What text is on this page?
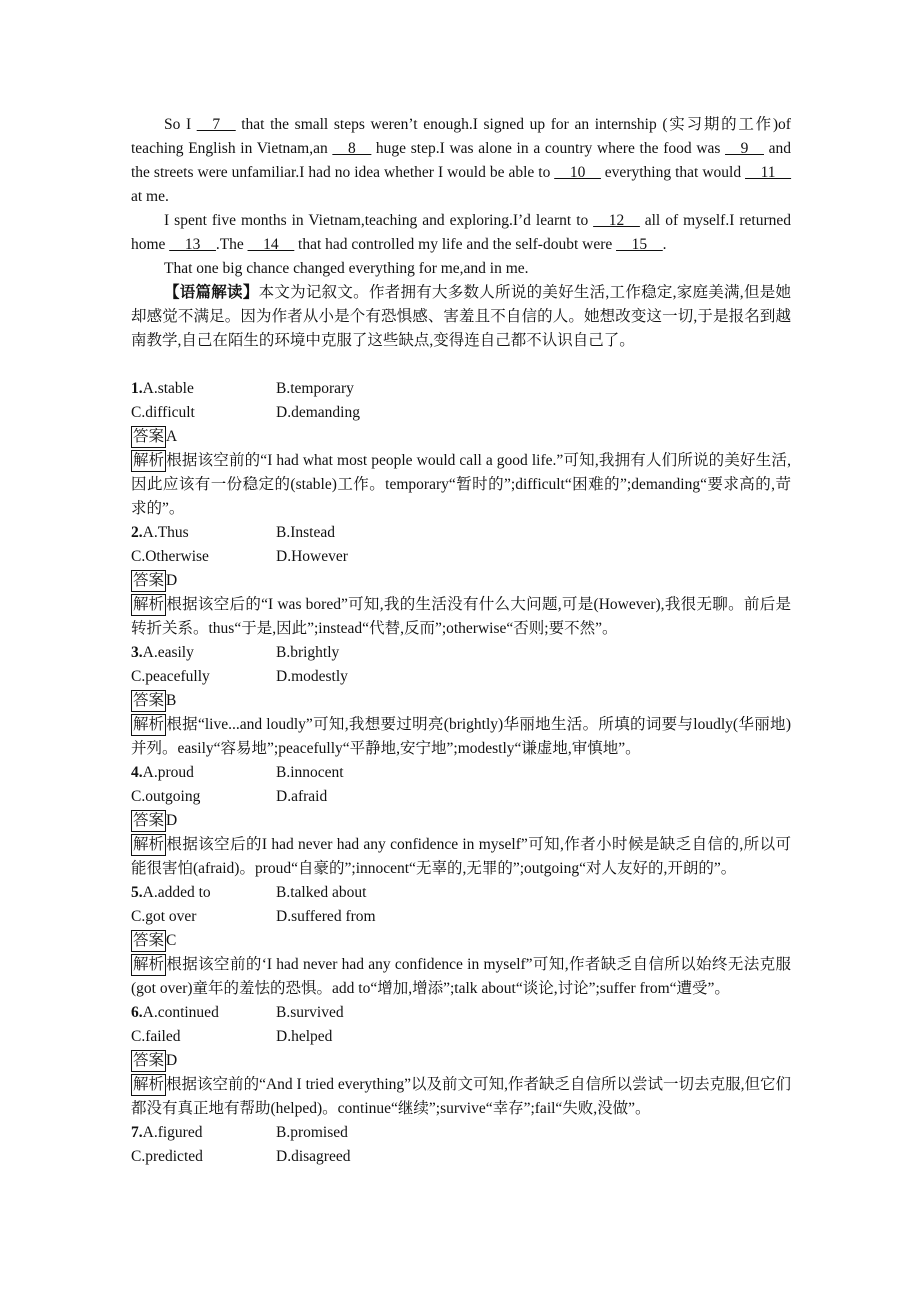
So I __7__ that the small steps weren’t enough.I signed up for an internship (实习期的工作)of teaching English in Vietnam,an __8__ huge step.I was alone in a country where the food was __9__ and the streets were unfamiliar.I had no idea whether I would be able to __10__ everything that would __11__ at me.

I spent five months in Vietnam,teaching and exploring.I’d learnt to __12__ all of myself.I returned home __13__.The __14__ that had controlled my life and the self-doubt were __15__.

That one big chance changed everything for me,and in me.

【语篇解读】本文为记叙文。作者拥有大多数人所说的美好生活,工作稳定,家庭美满,但是她却感觉不满足。因为作者从小是个有恐惧感、害羞且不自信的人。她想改变这一切,于是报名到越南教学,自己在陌生的环境中克服了这些缺点,变得连自己都不认识自己了。

1.A.stable	B.temporary
C.difficult	D.demanding

答案 A

解析 根据该空前的“I had what most people would call a good life.”可知,我拥有人们所说的美好生活,因此应该有一份稳定的(stable)工作。temporary“暂时的”;difficult“困难的”;demanding“要求高的,苛求的”。

2.A.Thus	B.Instead
C.Otherwise	D.However

答案 D

解析 根据该空后的“I was bored”可知,我的生活没有什么大问题,可是(However),我很无聊。前后是转折关系。thus“于是,因此”;instead“代替,反而”;otherwise“否则;要不然”。

3.A.easily	B.brightly
C.peacefully	D.modestly

答案 B

解析 根据“live...and loudly”可知,我想要过明亮(brightly)华丽地生活。所填的词要与loudly(华丽地)并列。easily“容易地”;peacefully“平静地,安宁地”;modestly“谦虚地,审慎地”。

4.A.proud	B.innocent
C.outgoing	D.afraid

答案 D

解析 根据该空后的I had never had any confidence in myself”可知,作者小时候是缺乏自信的,所以可能很害怕(afraid)。proud“自豪的”;innocent“无辜的,无罪的”;outgoing“对人友好的,开朗的”。

5.A.added to	B.talked about
C.got over	D.suffered from

答案 C

解析 根据该空前的‘I had never had any confidence in myself”可知,作者缺乏自信所以始终无法克服(got over)童年的羞怯的恐惧。add to“增加,增添”;talk about“谈论,讨论”;suffer from“遭受”。

6.A.continued	B.survived
C.failed	D.helped

答案 D

解析 根据该空前的“And I tried everything”以及前文可知,作者缺乏自信所以尝试一切去克服,但它们都没有真正地有帮助(helped)。continue“继续”;survive“幸存”;fail“失败,没做”。

7.A.figured	B.promised
C.predicted	D.disagreed
